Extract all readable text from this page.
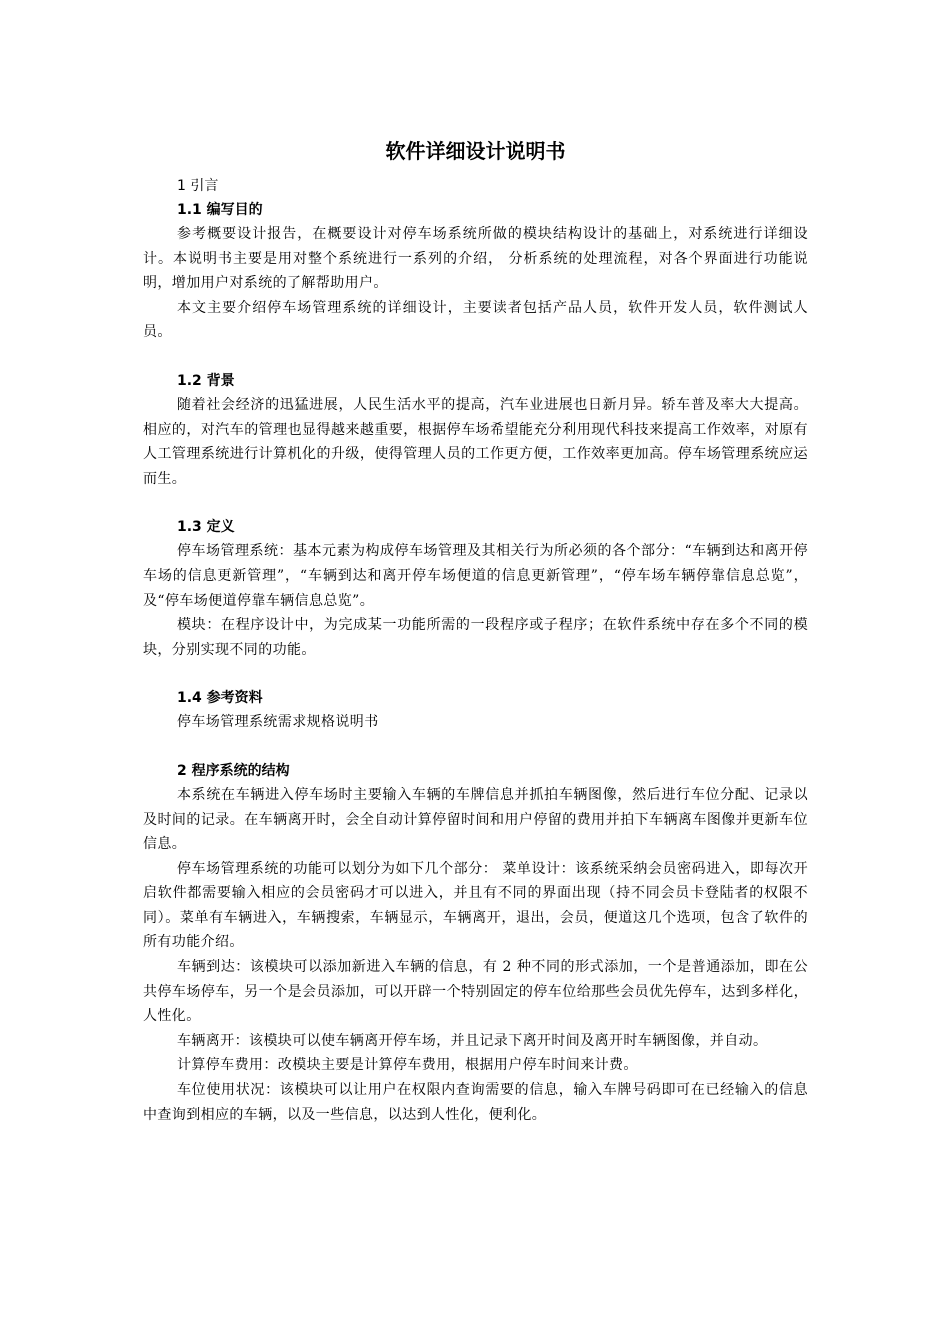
软件详细设计说明书
1 引言
1.1 编写目的

参考概要设计报告，在概要设计对停车场系统所做的模块结构设计的基础上，对系统进行详细设计。本说明书主要是用对整个系统进行一系列的介绍， 分析系统的处理流程，对各个界面进行功能说明，增加用户对系统的了解帮助用户。

本文主要介绍停车场管理系统的详细设计，主要读者包括产品人员，软件开发人员，软件测试人员。

1.2 背景

随着社会经济的迅猛进展，人民生活水平的提高，汽车业进展也日新月异。轿车普及率大大提高。相应的，对汽车的管理也显得越来越重要，根据停车场希望能充分利用现代科技来提高工作效率，对原有人工管理系统进行计算机化的升级，使得管理人员的工作更方便，工作效率更加高。停车场管理系统应运而生。

1.3 定义

停车场管理系统：基本元素为构成停车场管理及其相关行为所必须的各个部分：“车辆到达和离开停车场的信息更新管理”，“车辆到达和离开停车场便道的信息更新管理”，“停车场车辆停靠信息总览”，及“停车场便道停靠车辆信息总览”。

模块：在程序设计中，为完成某一功能所需的一段程序或子程序；在软件系统中存在多个不同的模块，分别实现不同的功能。

1.4 参考资料

停车场管理系统需求规格说明书

2 程序系统的结构

本系统在车辆进入停车场时主要输入车辆的车牌信息并抓拍车辆图像，然后进行车位分配、记录以及时间的记录。在车辆离开时，会全自动计算停留时间和用户停留的费用并拍下车辆离车图像并更新车位信息。

停车场管理系统的功能可以划分为如下几个部分： 菜单设计：该系统采纳会员密码进入，即每次开启软件都需要输入相应的会员密码才可以进入，并且有不同的界面出现（持不同会员卡登陆者的权限不同）。菜单有车辆进入，车辆搜索，车辆显示，车辆离开，退出，会员，便道这几个选项，包含了软件的所有功能介绍。

车辆到达：该模块可以添加新进入车辆的信息，有 2 种不同的形式添加，一个是普通添加，即在公共停车场停车，另一个是会员添加，可以开辟一个特别固定的停车位给那些会员优先停车，达到多样化，人性化。

车辆离开：该模块可以使车辆离开停车场，并且记录下离开时间及离开时车辆图像，并自动。

计算停车费用：改模块主要是计算停车费用，根据用户停车时间来计费。

车位使用状况：该模块可以让用户在权限内查询需要的信息，输入车牌号码即可在已经输入的信息中查询到相应的车辆，以及一些信息，以达到人性化，便利化。
